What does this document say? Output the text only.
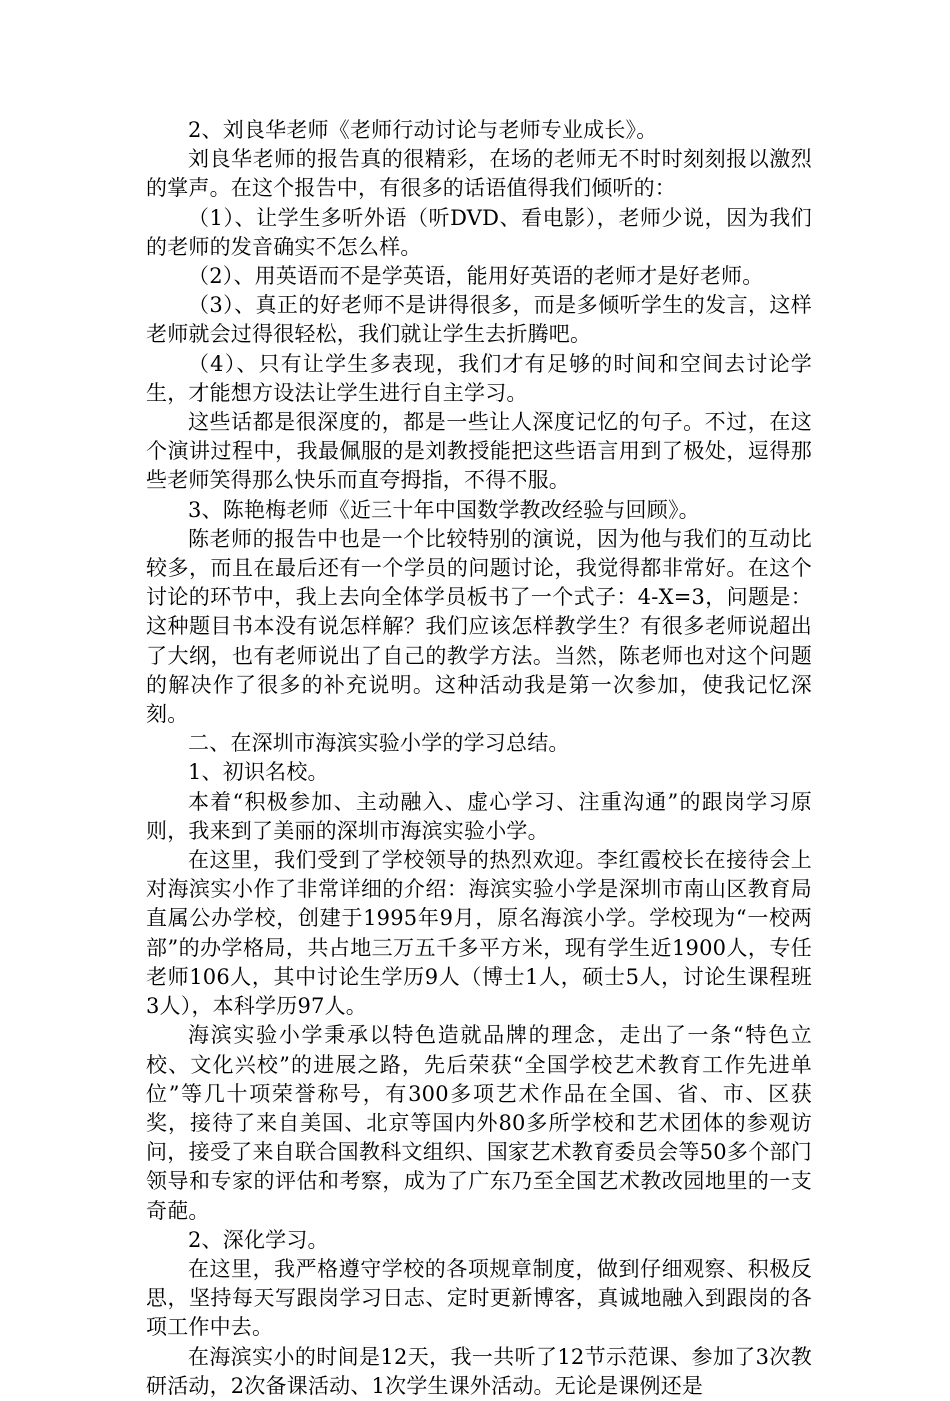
2、刘良华老师《老师行动讨论与老师专业成长》。

刘良华老师的报告真的很精彩，在场的老师无不时时刻刻报以激烈的掌声。在这个报告中，有很多的话语值得我们倾听的：

（1）、让学生多听外语（听DVD、看电影），老师少说，因为我们的老师的发音确实不怎么样。

（2）、用英语而不是学英语，能用好英语的老师才是好老师。

（3）、真正的好老师不是讲得很多，而是多倾听学生的发言，这样老师就会过得很轻松，我们就让学生去折腾吧。

（4）、只有让学生多表现，我们才有足够的时间和空间去讨论学生，才能想方设法让学生进行自主学习。

这些话都是很深度的，都是一些让人深度记忆的句子。不过，在这个演讲过程中，我最佩服的是刘教授能把这些语言用到了极处，逗得那些老师笑得那么快乐而直夸拇指，不得不服。

3、陈艳梅老师《近三十年中国数学教改经验与回顾》。

陈老师的报告中也是一个比较特别的演说，因为他与我们的互动比较多，而且在最后还有一个学员的问题讨论，我觉得都非常好。在这个讨论的环节中，我上去向全体学员板书了一个式子：4-X=3，问题是：这种题目书本没有说怎样解？我们应该怎样教学生？有很多老师说超出了大纲，也有老师说出了自己的教学方法。当然，陈老师也对这个问题的解决作了很多的补充说明。这种活动我是第一次参加，使我记忆深刻。

二、在深圳市海滨实验小学的学习总结。

1、初识名校。

本着“积极参加、主动融入、虚心学习、注重沟通”的跟岗学习原则，我来到了美丽的深圳市海滨实验小学。

在这里，我们受到了学校领导的热烈欢迎。李红霞校长在接待会上对海滨实小作了非常详细的介绍：海滨实验小学是深圳市南山区教育局直属公办学校，创建于1995年9月，原名海滨小学。学校现为“一校两部”的办学格局，共占地三万五千多平方米，现有学生近1900人，专任老师106人，其中讨论生学历9人（博士1人，硕士5人，讨论生课程班3人），本科学历97人。

海滨实验小学秉承以特色造就品牌的理念，走出了一条“特色立校、文化兴校”的进展之路，先后荣获“全国学校艺术教育工作先进单位”等几十项荣誉称号，有300多项艺术作品在全国、省、市、区获奖，接待了来自美国、北京等国内外80多所学校和艺术团体的参观访问，接受了来自联合国教科文组织、国家艺术教育委员会等50多个部门领导和专家的评估和考察，成为了广东乃至全国艺术教改园地里的一支奇葩。

2、深化学习。

在这里，我严格遵守学校的各项规章制度，做到仔细观察、积极反思，坚持每天写跟岗学习日志、定时更新博客，真诚地融入到跟岗的各项工作中去。

在海滨实小的时间是12天，我一共听了12节示范课、参加了3次教研活动，2次备课活动、1次学生课外活动。无论是课例还是
